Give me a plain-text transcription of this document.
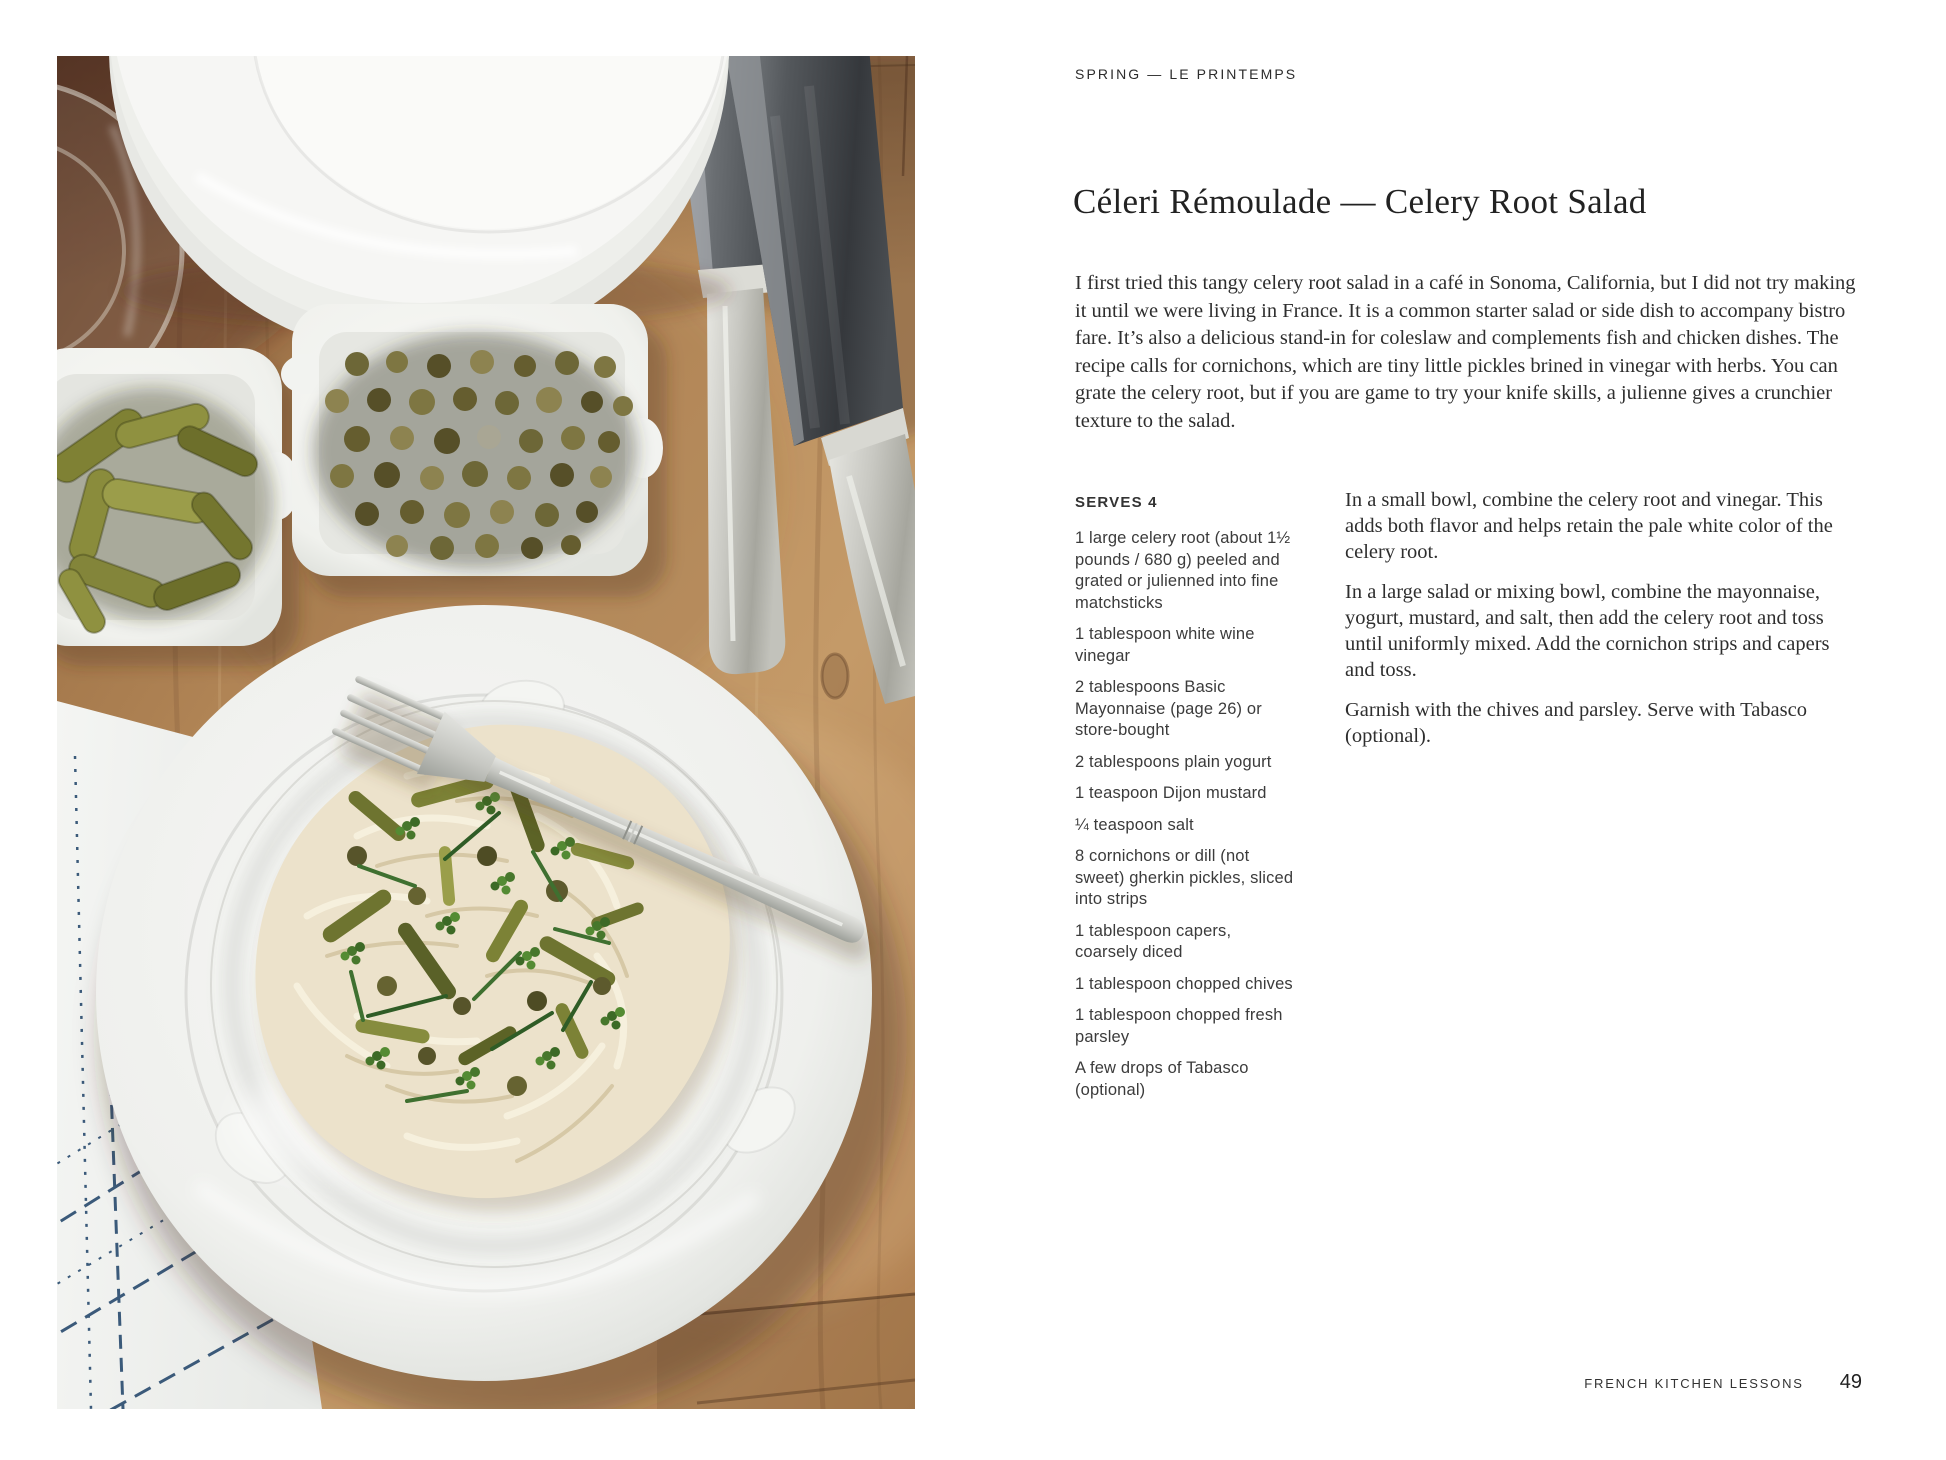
SPRING — LE PRINTEMPS
Céleri Rémoulade — Celery Root Salad

I first tried this tangy celery root salad in a café in Sonoma, California, but I did not try making it until we were living in France. It is a common starter salad or side dish to accompany bistro fare. It’s also a delicious stand-in for coleslaw and complements fish and chicken dishes. The recipe calls for cornichons, which are tiny little pickles brined in vinegar with herbs. You can grate the celery root, but if you are game to try your knife skills, a julienne gives a crunchier texture to the salad.

SERVES 4
1 large celery root (about 1½ pounds / 680 g) peeled and grated or julienned into fine matchsticks
1 tablespoon white wine vinegar
2 tablespoons Basic Mayonnaise (page 26) or store-bought
2 tablespoons plain yogurt
1 teaspoon Dijon mustard
¼ teaspoon salt
8 cornichons or dill (not sweet) gherkin pickles, sliced into strips
1 tablespoon capers, coarsely diced
1 tablespoon chopped chives
1 tablespoon chopped fresh parsley
A few drops of Tabasco (optional)

In a small bowl, combine the celery root and vinegar. This adds both flavor and helps retain the pale white color of the celery root.

In a large salad or mixing bowl, combine the mayonnaise, yogurt, mustard, and salt, then add the celery root and toss until uniformly mixed. Add the cornichon strips and capers and toss.

Garnish with the chives and parsley. Serve with Tabasco (optional).

FRENCH KITCHEN LESSONS 49
